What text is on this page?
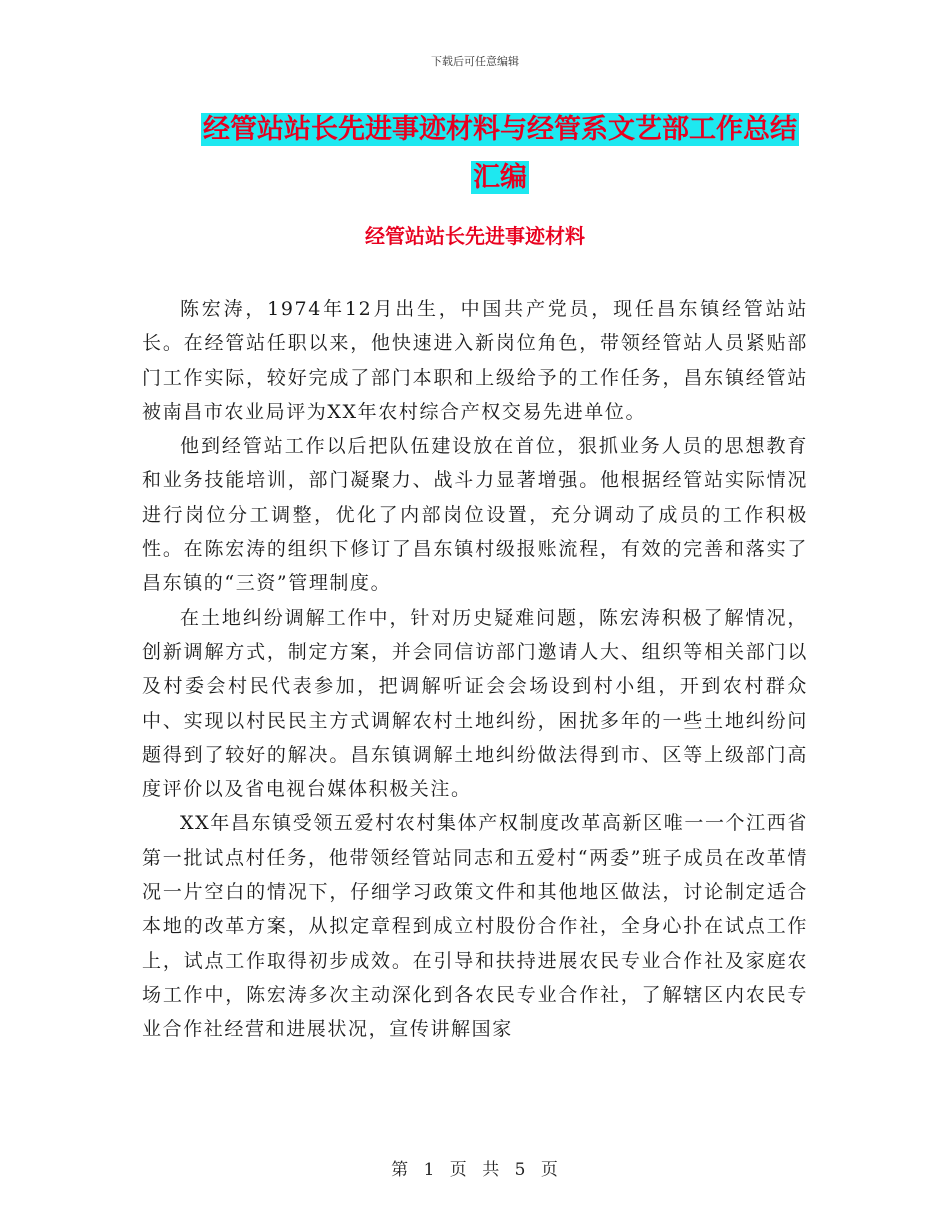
下载后可任意编辑
经管站站长先进事迹材料与经管系文艺部工作总结汇编
经管站站长先进事迹材料

陈宏涛，1974年12月出生，中国共产党员，现任昌东镇经管站站长。在经管站任职以来，他快速进入新岗位角色，带领经管站人员紧贴部门工作实际，较好完成了部门本职和上级给予的工作任务，昌东镇经管站被南昌市农业局评为XX年农村综合产权交易先进单位。

他到经管站工作以后把队伍建设放在首位，狠抓业务人员的思想教育和业务技能培训，部门凝聚力、战斗力显著增强。他根据经管站实际情况进行岗位分工调整，优化了内部岗位设置，充分调动了成员的工作积极性。在陈宏涛的组织下修订了昌东镇村级报账流程，有效的完善和落实了昌东镇的“三资”管理制度。

在土地纠纷调解工作中，针对历史疑难问题，陈宏涛积极了解情况，创新调解方式，制定方案，并会同信访部门邀请人大、组织等相关部门以及村委会村民代表参加，把调解听证会会场设到村小组，开到农村群众中、实现以村民民主方式调解农村土地纠纷，困扰多年的一些土地纠纷问题得到了较好的解决。昌东镇调解土地纠纷做法得到市、区等上级部门高度评价以及省电视台媒体积极关注。

XX年昌东镇受领五爱村农村集体产权制度改革高新区唯一一个江西省第一批试点村任务，他带领经管站同志和五爱村“两委”班子成员在改革情况一片空白的情况下，仔细学习政策文件和其他地区做法，讨论制定适合本地的改革方案，从拟定章程到成立村股份合作社，全身心扑在试点工作上，试点工作取得初步成效。在引导和扶持进展农民专业合作社及家庭农场工作中，陈宏涛多次主动深化到各农民专业合作社，了解辖区内农民专业合作社经营和进展状况，宣传讲解国家

第 1 页 共 5 页
